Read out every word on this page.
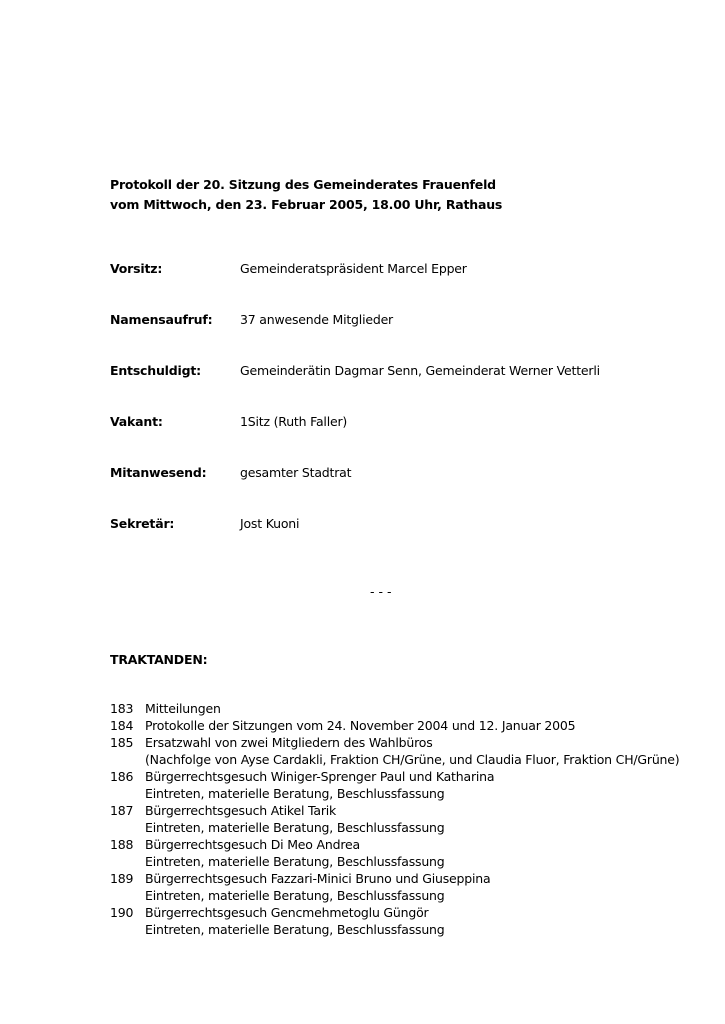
Protokoll der 20. Sitzung des Gemeinderates Frauenfeld
vom Mittwoch, den 23. Februar 2005, 18.00 Uhr, Rathaus
Vorsitz:	Gemeinderatspräsident Marcel Epper
Namensaufruf: 37 anwesende Mitglieder
Entschuldigt:	Gemeinderätin Dagmar Senn, Gemeinderat Werner Vetterli
Vakant:	1Sitz (Ruth Faller)
Mitanwesend:	gesamter Stadtrat
Sekretär:	Jost Kuoni
- - -
TRAKTANDEN:
183 Mitteilungen
184 Protokolle der Sitzungen vom 24. November 2004 und 12. Januar 2005
185 Ersatzwahl von zwei Mitgliedern des Wahlbüros
(Nachfolge von Ayse Cardakli, Fraktion CH/Grüne, und Claudia Fluor, Fraktion CH/Grüne)
186 Bürgerrechtsgesuch Winiger-Sprenger Paul und Katharina
Eintreten, materielle Beratung, Beschlussfassung
187 Bürgerrechtsgesuch Atikel Tarik
Eintreten, materielle Beratung, Beschlussfassung
188 Bürgerrechtsgesuch Di Meo Andrea
Eintreten, materielle Beratung, Beschlussfassung
189 Bürgerrechtsgesuch Fazzari-Minici Bruno und Giuseppina
Eintreten, materielle Beratung, Beschlussfassung
190 Bürgerrechtsgesuch Gencmehmetoglu Güngör
Eintreten, materielle Beratung, Beschlussfassung
